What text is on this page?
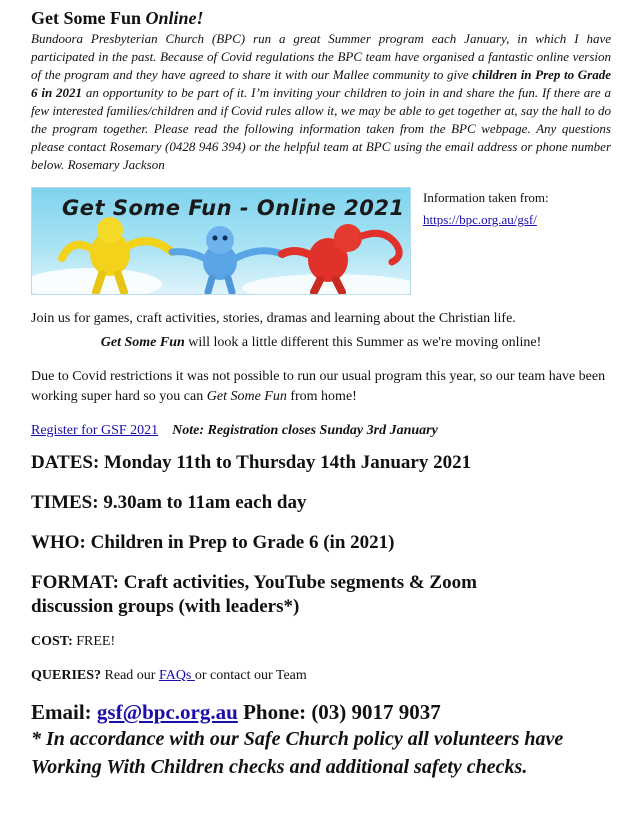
Get Some Fun Online!

Bundoora Presbyterian Church (BPC) run a great Summer program each January, in which I have participated in the past. Because of Covid regulations the BPC team have organised a fantastic online version of the program and they have agreed to share it with our Mallee community to give children in Prep to Grade 6 in 2021 an opportunity to be part of it. I’m inviting your children to join in and share the fun. If there are a few interested families/children and if Covid rules allow it, we may be able to get together at, say the hall to do the program together. Please read the following information taken from the BPC webpage. Any questions please contact Rosemary (0428 946 394) or the helpful team at BPC using the email address or phone number below. Rosemary Jackson

Get Some Fun - Online 2021 Information taken from:
https://bpc.org.au/gsf/

Join us for games, craft activities, stories, dramas and learning about the Christian life.

Get Some Fun will look a little different this Summer as we're moving online!

Due to Covid restrictions it was not possible to run our usual program this year, so our team have been working super hard so you can Get Some Fun from home!

Register for GSF 2021 Note: Registration closes Sunday 3rd January

DATES: Monday 11th to Thursday 14th January 2021

TIMES: 9.30am to 11am each day

WHO: Children in Prep to Grade 6 (in 2021)

FORMAT: Craft activities, YouTube segments & Zoom discussion groups (with leaders*)

COST: FREE!

QUERIES? Read our FAQs or contact our Team

Email: gsf@bpc.org.au Phone: (03) 9017 9037

* In accordance with our Safe Church policy all volunteers have Working With Children checks and additional safety checks.
